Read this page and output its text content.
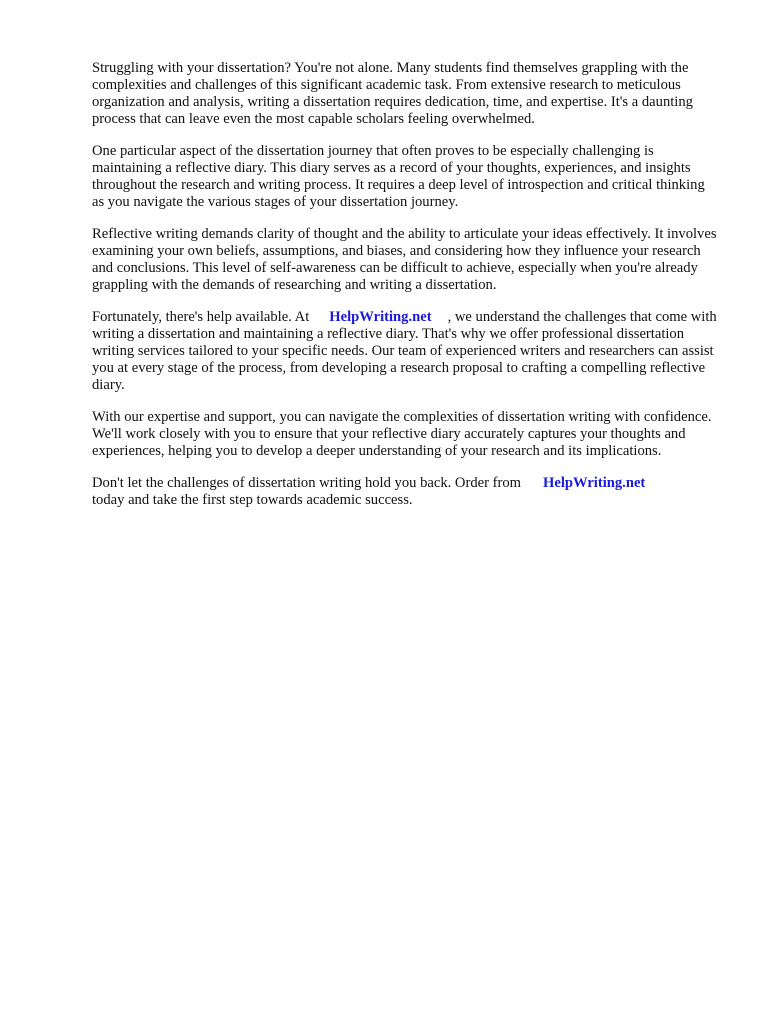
Struggling with your dissertation? You're not alone. Many students find themselves grappling with the complexities and challenges of this significant academic task. From extensive research to meticulous organization and analysis, writing a dissertation requires dedication, time, and expertise. It's a daunting process that can leave even the most capable scholars feeling overwhelmed.

One particular aspect of the dissertation journey that often proves to be especially challenging is maintaining a reflective diary. This diary serves as a record of your thoughts, experiences, and insights throughout the research and writing process. It requires a deep level of introspection and critical thinking as you navigate the various stages of your dissertation journey.

Reflective writing demands clarity of thought and the ability to articulate your ideas effectively. It involves examining your own beliefs, assumptions, and biases, and considering how they influence your research and conclusions. This level of self-awareness can be difficult to achieve, especially when you're already grappling with the demands of researching and writing a dissertation.

Fortunately, there's help available. At HelpWriting.net , we understand the challenges that come with writing a dissertation and maintaining a reflective diary. That's why we offer professional dissertation writing services tailored to your specific needs. Our team of experienced writers and researchers can assist you at every stage of the process, from developing a research proposal to crafting a compelling reflective diary.

With our expertise and support, you can navigate the complexities of dissertation writing with confidence. We'll work closely with you to ensure that your reflective diary accurately captures your thoughts and experiences, helping you to develop a deeper understanding of your research and its implications.

Don't let the challenges of dissertation writing hold you back. Order from HelpWriting.net
today and take the first step towards academic success.
